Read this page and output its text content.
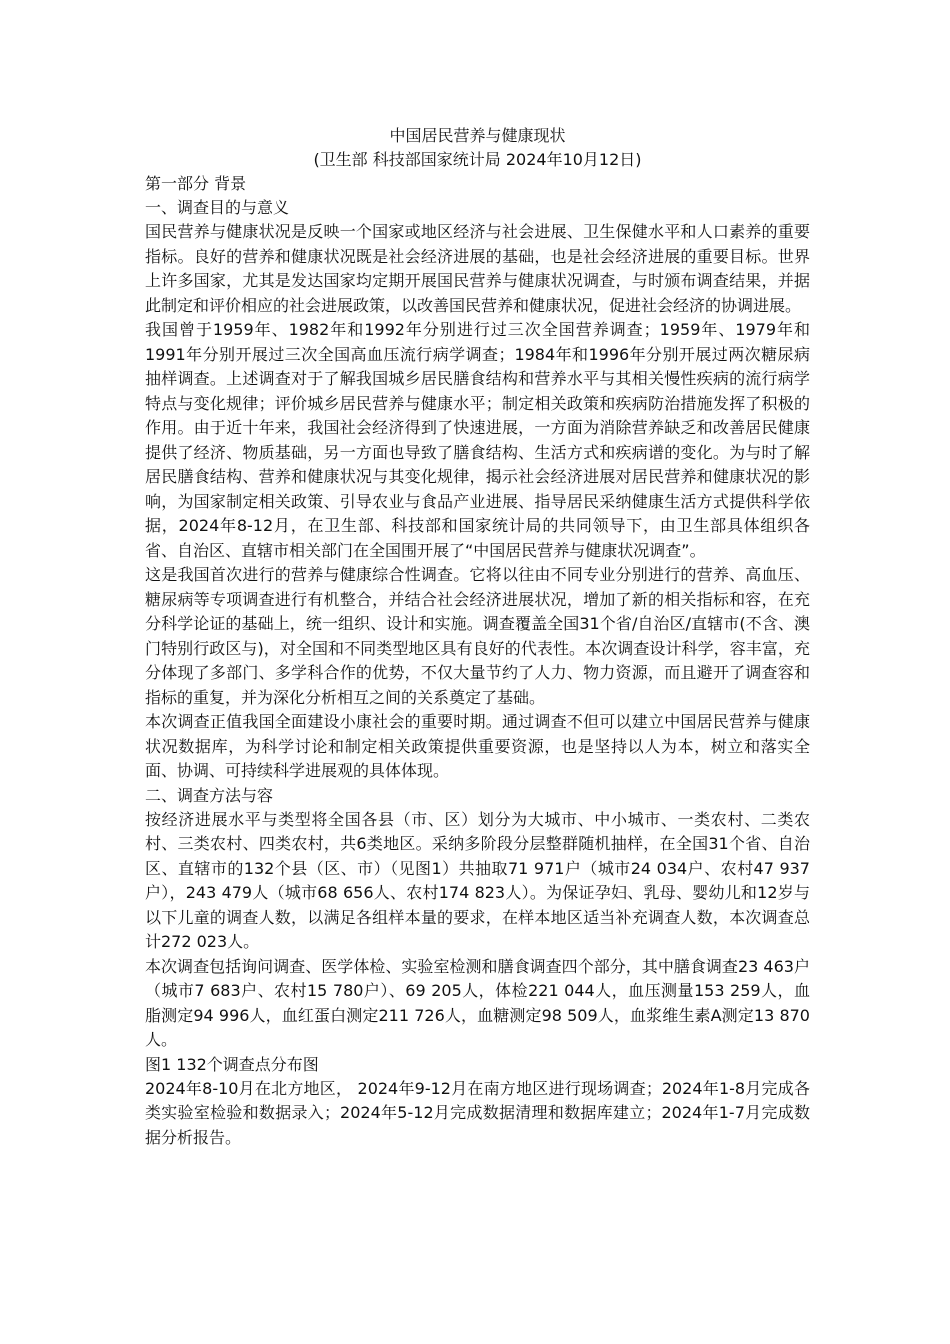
中国居民营养与健康现状
(卫生部 科技部国家统计局 2024年10月12日)
第一部分 背景
一、调查目的与意义

国民营养与健康状况是反映一个国家或地区经济与社会进展、卫生保健水平和人口素养的重要指标。良好的营养和健康状况既是社会经济进展的基础，也是社会经济进展的重要目标。世界上许多国家，尤其是发达国家均定期开展国民营养与健康状况调查，与时颁布调查结果，并据此制定和评价相应的社会进展政策，以改善国民营养和健康状况，促进社会经济的协调进展。

我国曾于1959年、1982年和1992年分别进行过三次全国营养调查；1959年、1979年和1991年分别开展过三次全国高血压流行病学调查；1984年和1996年分别开展过两次糖尿病抽样调查。上述调查对于了解我国城乡居民膳食结构和营养水平与其相关慢性疾病的流行病学特点与变化规律；评价城乡居民营养与健康水平；制定相关政策和疾病防治措施发挥了积极的作用。由于近十年来，我国社会经济得到了快速进展，一方面为消除营养缺乏和改善居民健康提供了经济、物质基础，另一方面也导致了膳食结构、生活方式和疾病谱的变化。为与时了解居民膳食结构、营养和健康状况与其变化规律，揭示社会经济进展对居民营养和健康状况的影响，为国家制定相关政策、引导农业与食品产业进展、指导居民采纳健康生活方式提供科学依据，2024年8-12月，在卫生部、科技部和国家统计局的共同领导下，由卫生部具体组织各省、自治区、直辖市相关部门在全国围开展了“中国居民营养与健康状况调查”。

这是我国首次进行的营养与健康综合性调查。它将以往由不同专业分别进行的营养、高血压、糖尿病等专项调查进行有机整合，并结合社会经济进展状况，增加了新的相关指标和容，在充分科学论证的基础上，统一组织、设计和实施。调查覆盖全国31个省/自治区/直辖市(不含、澳门特别行政区与)，对全国和不同类型地区具有良好的代表性。本次调查设计科学，容丰富，充分体现了多部门、多学科合作的优势，不仅大量节约了人力、物力资源，而且避开了调查容和指标的重复，并为深化分析相互之间的关系奠定了基础。

本次调查正值我国全面建设小康社会的重要时期。通过调查不但可以建立中国居民营养与健康状况数据库，为科学讨论和制定相关政策提供重要资源，也是坚持以人为本，树立和落实全面、协调、可持续科学进展观的具体体现。

二、调查方法与容

按经济进展水平与类型将全国各县（市、区）划分为大城市、中小城市、一类农村、二类农村、三类农村、四类农村，共6类地区。采纳多阶段分层整群随机抽样，在全国31个省、自治区、直辖市的132个县（区、市）（见图1）共抽取71 971户（城市24 034户、农村47 937户），243 479人（城市68 656人、农村174 823人）。为保证孕妇、乳母、婴幼儿和12岁与以下儿童的调查人数，以满足各组样本量的要求，在样本地区适当补充调查人数，本次调查总计272 023人。

本次调查包括询问调查、医学体检、实验室检测和膳食调查四个部分，其中膳食调查23 463户（城市7 683户、农村15 780户）、69 205人，体检221 044人，血压测量153 259人，血脂测定94 996人，血红蛋白测定211 726人，血糖测定98 509人，血浆维生素A测定13 870人。

图1 132个调查点分布图

2024年8-10月在北方地区， 2024年9-12月在南方地区进行现场调查；2024年1-8月完成各类实验室检验和数据录入；2024年5-12月完成数据清理和数据库建立；2024年1-7月完成数据分析报告。
